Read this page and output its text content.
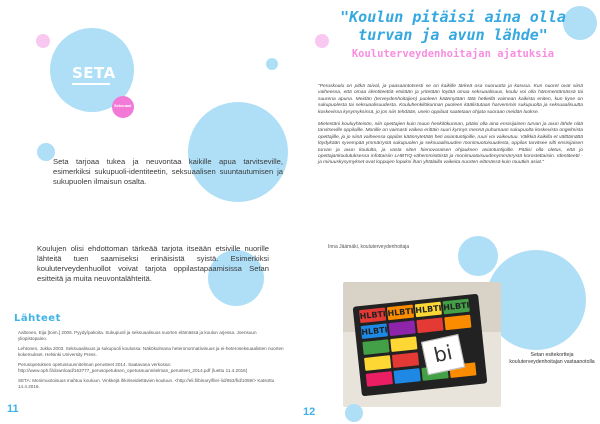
SETA
Seksuaal

Seta tarjoaa tukea ja neuvontaa kaikille apua tarvitseville, esimerkiksi sukupuoli-identiteetin, seksuaalisen suuntautumisen ja sukupuolen ilmaisun osalta.

Koulujen olisi ehdottoman tärkeää tarjota itseään etsiville nuorille lähteitä tuen saamiseksi erinäisistä syistä. Esimerkiksi kouluterveydenhuollot voivat tarjota oppilastapaamisissa Setan esitteitä ja muita neuvontalähteitä.

Lähteet

Aaltonen, Eija [toim.] 2006. Pyydy/pakoita. Sukupuoli ja seksuaalisuus nuorten elämässä ja koulun arjessa. Joensuun yliopistopaino.

Lehtonen, Jukka 2003. Seksuaalisuus ja sukupuoli koulussa: Näkökulmana heteronormatiivisuus ja ei-heteroseksuaalisten nuorten kokemukset. Helsinki University Press.

Perusopetuksen opetussuunnitelman perusteet 2014. Saatavana verkossa: http://www.oph.fi/download/163777_perusopetuksen_opetussuunnitelman_perusteet_2014.pdf (luettu 11.4.2016)

SETA: Monimuotoisuus mahtuu kouluun. Vinkkejä ihkiriseidettävien kouluun. <http://eli.fi/binary/file/-/id/653/fid/1059/> Katsottu 14.4.2016.

11
"Koulun pitäisi aina olla turvan ja avun lähde"
Kouluterveydenhoitajan ajatuksia

"Peruskoulu on pitkä taival, ja paasaantotsesti se on kaikille tärkeä osa nuoruutta ja kasvua. Kun nuoret ovat siinä vaiheessa, että omaa identiteettiä etsitään ja yritetään löytää omaa seksuaalisuus, koulu voi olla hämmentämässä tai suurena apuna. Meidän (terveydenhoitajien) puoleen käännytään tätä hetkellä vaimean kaikista eniten, kun kyse on sukupuolesta tai seksuaalisuudesta. Kouluhenkilökunnan puoleen käälistutaan harvemmin sukupuolta ja seksuaalisuutta koskevissa kysymyksissä, jo jos niin tehdään, usein oppilaat saatetaan ohjata suoraan meidän luokse.

Mielestäni kouluyhteisön, niin opettajien kuin muun henkilökunnan, pitäisi olla aina ensisijainen turvan ja avun lähde niitä tarvitseville oppilaille. Monille on vaimasti vaikea erittäin suuri kynnys mennä puhumaan sukupuolta koskevista ongelmista opettajille, jo jo siinä vaiheessa oppilas käännytetään heti asiantuntijoille, ruuri voi vaikeutuu. Välkkiä kaikilla et välttämättä löydykään syvempää ymmärrystä sukupuolen ja seksuaalisuuden monimuotoisuudesta, oppilas tarvitsee silti ensisijaisen turvan ja avun koululta, ja vasta siten hienovaraisen ohjauksen asiantuntijoille. Pitäisi olla oletus, että jo opettajankoulutuksessa infottaisiin LHBTIQ-vähemmistöistä ja monimuotoisuudenymmärrystä korostettaisiin. Identiteetti -ja minuuskysymykset ovat loppujen lopuksi ihan yhtälailla vaikeita nuorten elämässä kuin muutkin asiat."

Inna Jäämäki, kouluterveydenhoitaja
HLBTI HLBTI HLBTI HLBTI
HLBTI
bi	Setan esitekortteja kouluterveydenhoitajan vastaanotolla
12
